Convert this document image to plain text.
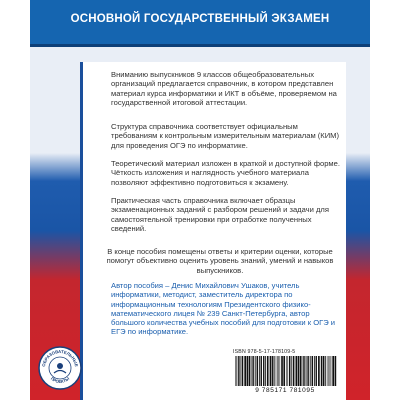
ОСНОВНОЙ ГОСУДАРСТВЕННЫЙ ЭКЗАМЕН

Вниманию выпускников 9 классов общеобразовательных организаций предлагается справочник, в котором представлен материал курса информатики и ИКТ в объёме, проверяемом на государственной итоговой аттестации.

Структура справочника соответствует официальным требованиям к контрольным измерительным материалам (КИМ) для проведения ОГЭ по информатике.

Теоретический материал изложен в краткой и доступной форме. Чёткость изложения и наглядность учебного материала позволяют эффективно подготовиться к экзамену.

Практическая часть справочника включает образцы экзаменационных заданий с разбором решений и задачи для самостоятельной тренировки при отработке полученных сведений.

В конце пособия помещены ответы и критерии оценки, которые помогут объективно оценить уровень знаний, умений и навыков выпускников.

Автор пособия – Денис Михайлович Ушаков, учитель информатики, методист, заместитель директора по информационным технологиям Президентского физико-математического лицея № 239 Санкт-Петербурга, автор большого количества учебных пособий для подготовки к ОГЭ и ЕГЭ по информатике.

ISBN 978-5-17-178109-5
9 785171 781095
ОБРАЗОВАТЕЛЬНЫЕ
ПРОЕКТЫ
